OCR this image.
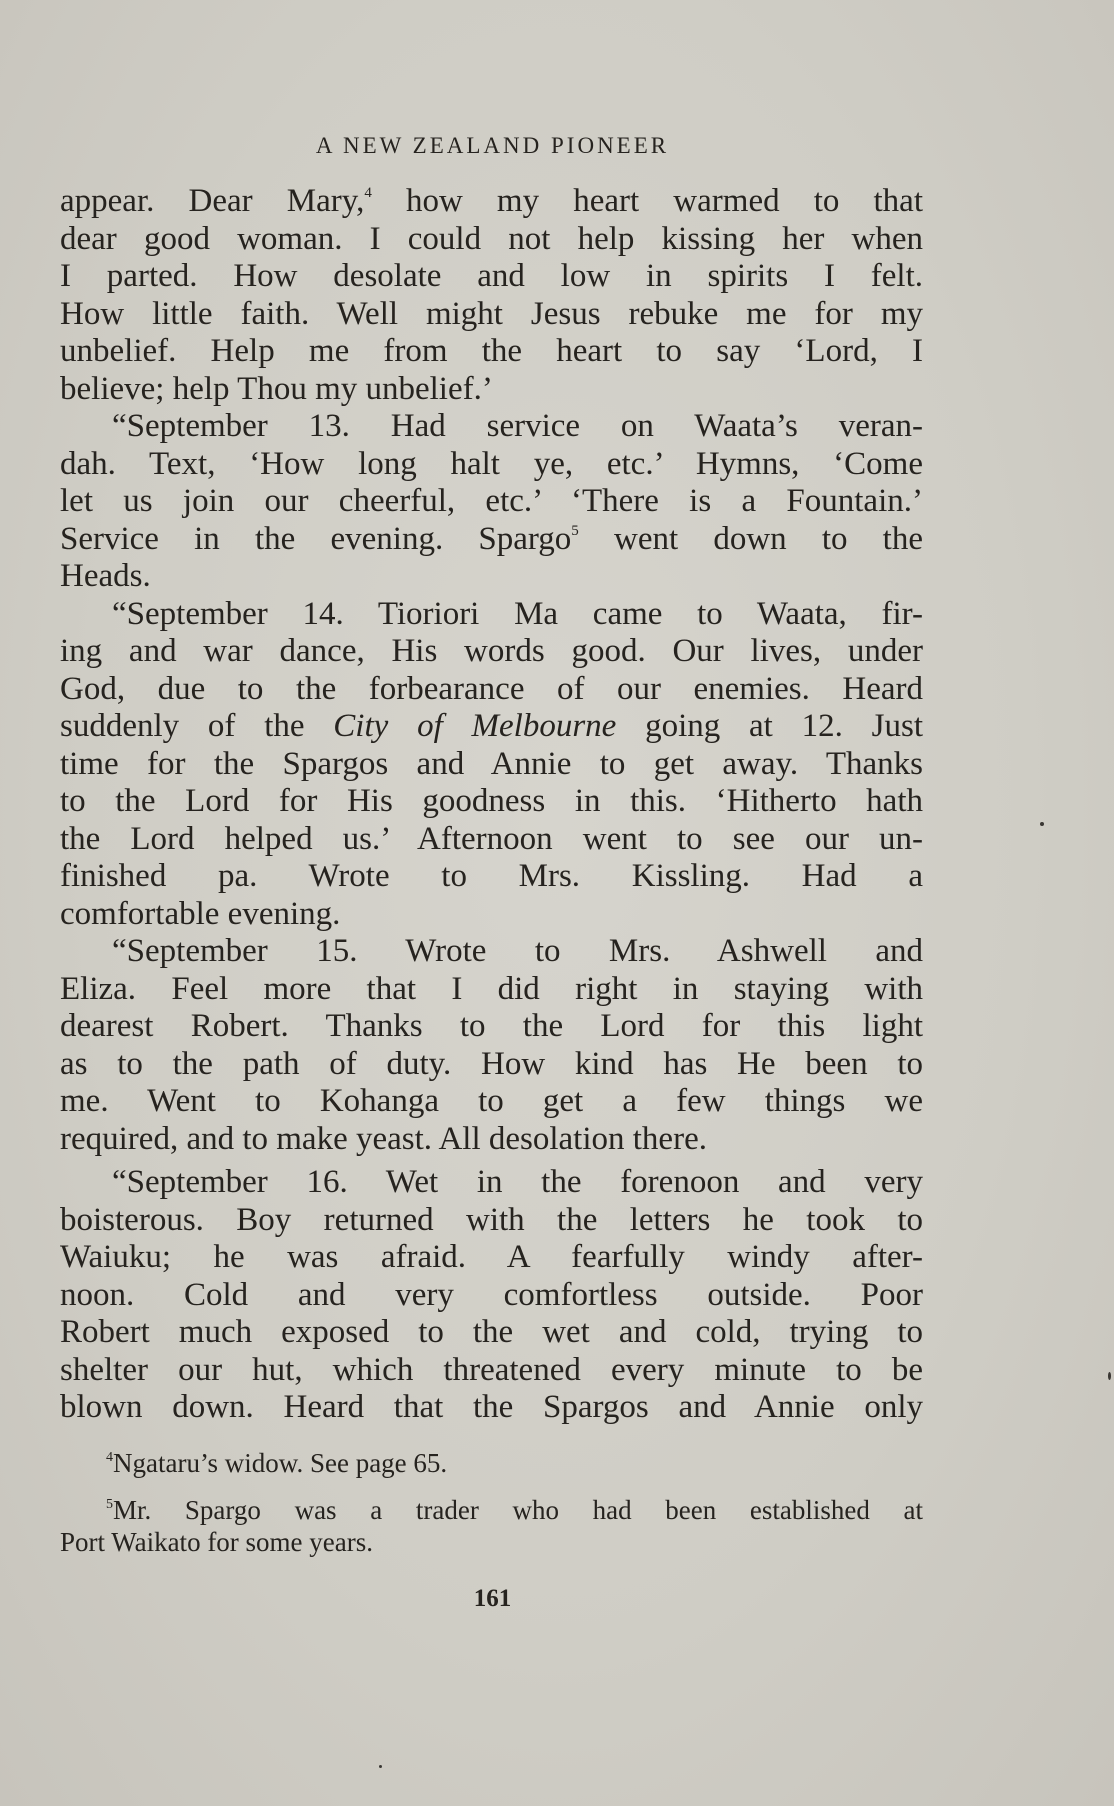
A NEW ZEALAND PIONEER
appear. Dear Mary,$^4$ how my heart warmed to that
dear good woman. I could not help kissing her when
I parted. How desolate and low in spirits I felt.
How little faith. Well might Jesus rebuke me for my
unbelief. Help me from the heart to say ‘Lord, I
believe; help Thou my unbelief.’
“September 13. Had service on Waata’s veran-
dah. Text, ‘How long halt ye, etc.’ Hymns, ‘Come
let us join our cheerful, etc.’ ‘There is a Fountain.’
Service in the evening. Spargo$^5$ went down to the
Heads.
“September 14. Tioriori Ma came to Waata, fir-
ing and war dance, His words good. Our lives, under
God, due to the forbearance of our enemies. Heard
suddenly of the City of Melbourne going at 12. Just
time for the Spargos and Annie to get away. Thanks
to the Lord for His goodness in this. ‘Hitherto hath
the Lord helped us.’ Afternoon went to see our un-
finished pa. Wrote to Mrs. Kissling. Had a
comfortable evening.
“September 15. Wrote to Mrs. Ashwell and
Eliza. Feel more that I did right in staying with
dearest Robert. Thanks to the Lord for this light
as to the path of duty. How kind has He been to
me. Went to Kohanga to get a few things we
required, and to make yeast. All desolation there.
“September 16. Wet in the forenoon and very
boisterous. Boy returned with the letters he took to
Waiuku; he was afraid. A fearfully windy after-
noon. Cold and very comfortless outside. Poor
Robert much exposed to the wet and cold, trying to
shelter our hut, which threatened every minute to be
blown down. Heard that the Spargos and Annie only
$^4$Ngataru’s widow. See page 65.
$^5$Mr. Spargo was a trader who had been established at
Port Waikato for some years.
161
